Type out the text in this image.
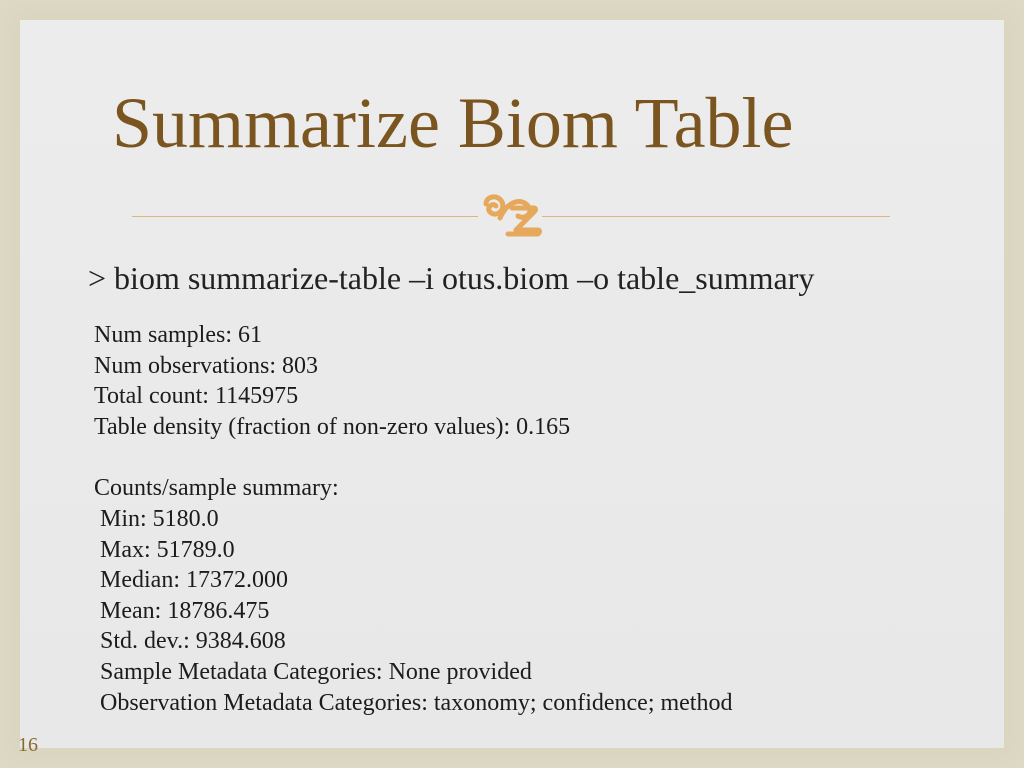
Summarize Biom Table
> biom summarize-table –i otus.biom –o table_summary
Num samples: 61
Num observations: 803
Total count: 1145975
Table density (fraction of non-zero values): 0.165
Counts/sample summary:
Min: 5180.0
Max: 51789.0
Median: 17372.000
Mean: 18786.475
Std. dev.: 9384.608
Sample Metadata Categories: None provided
Observation Metadata Categories: taxonomy; confidence; method
16
